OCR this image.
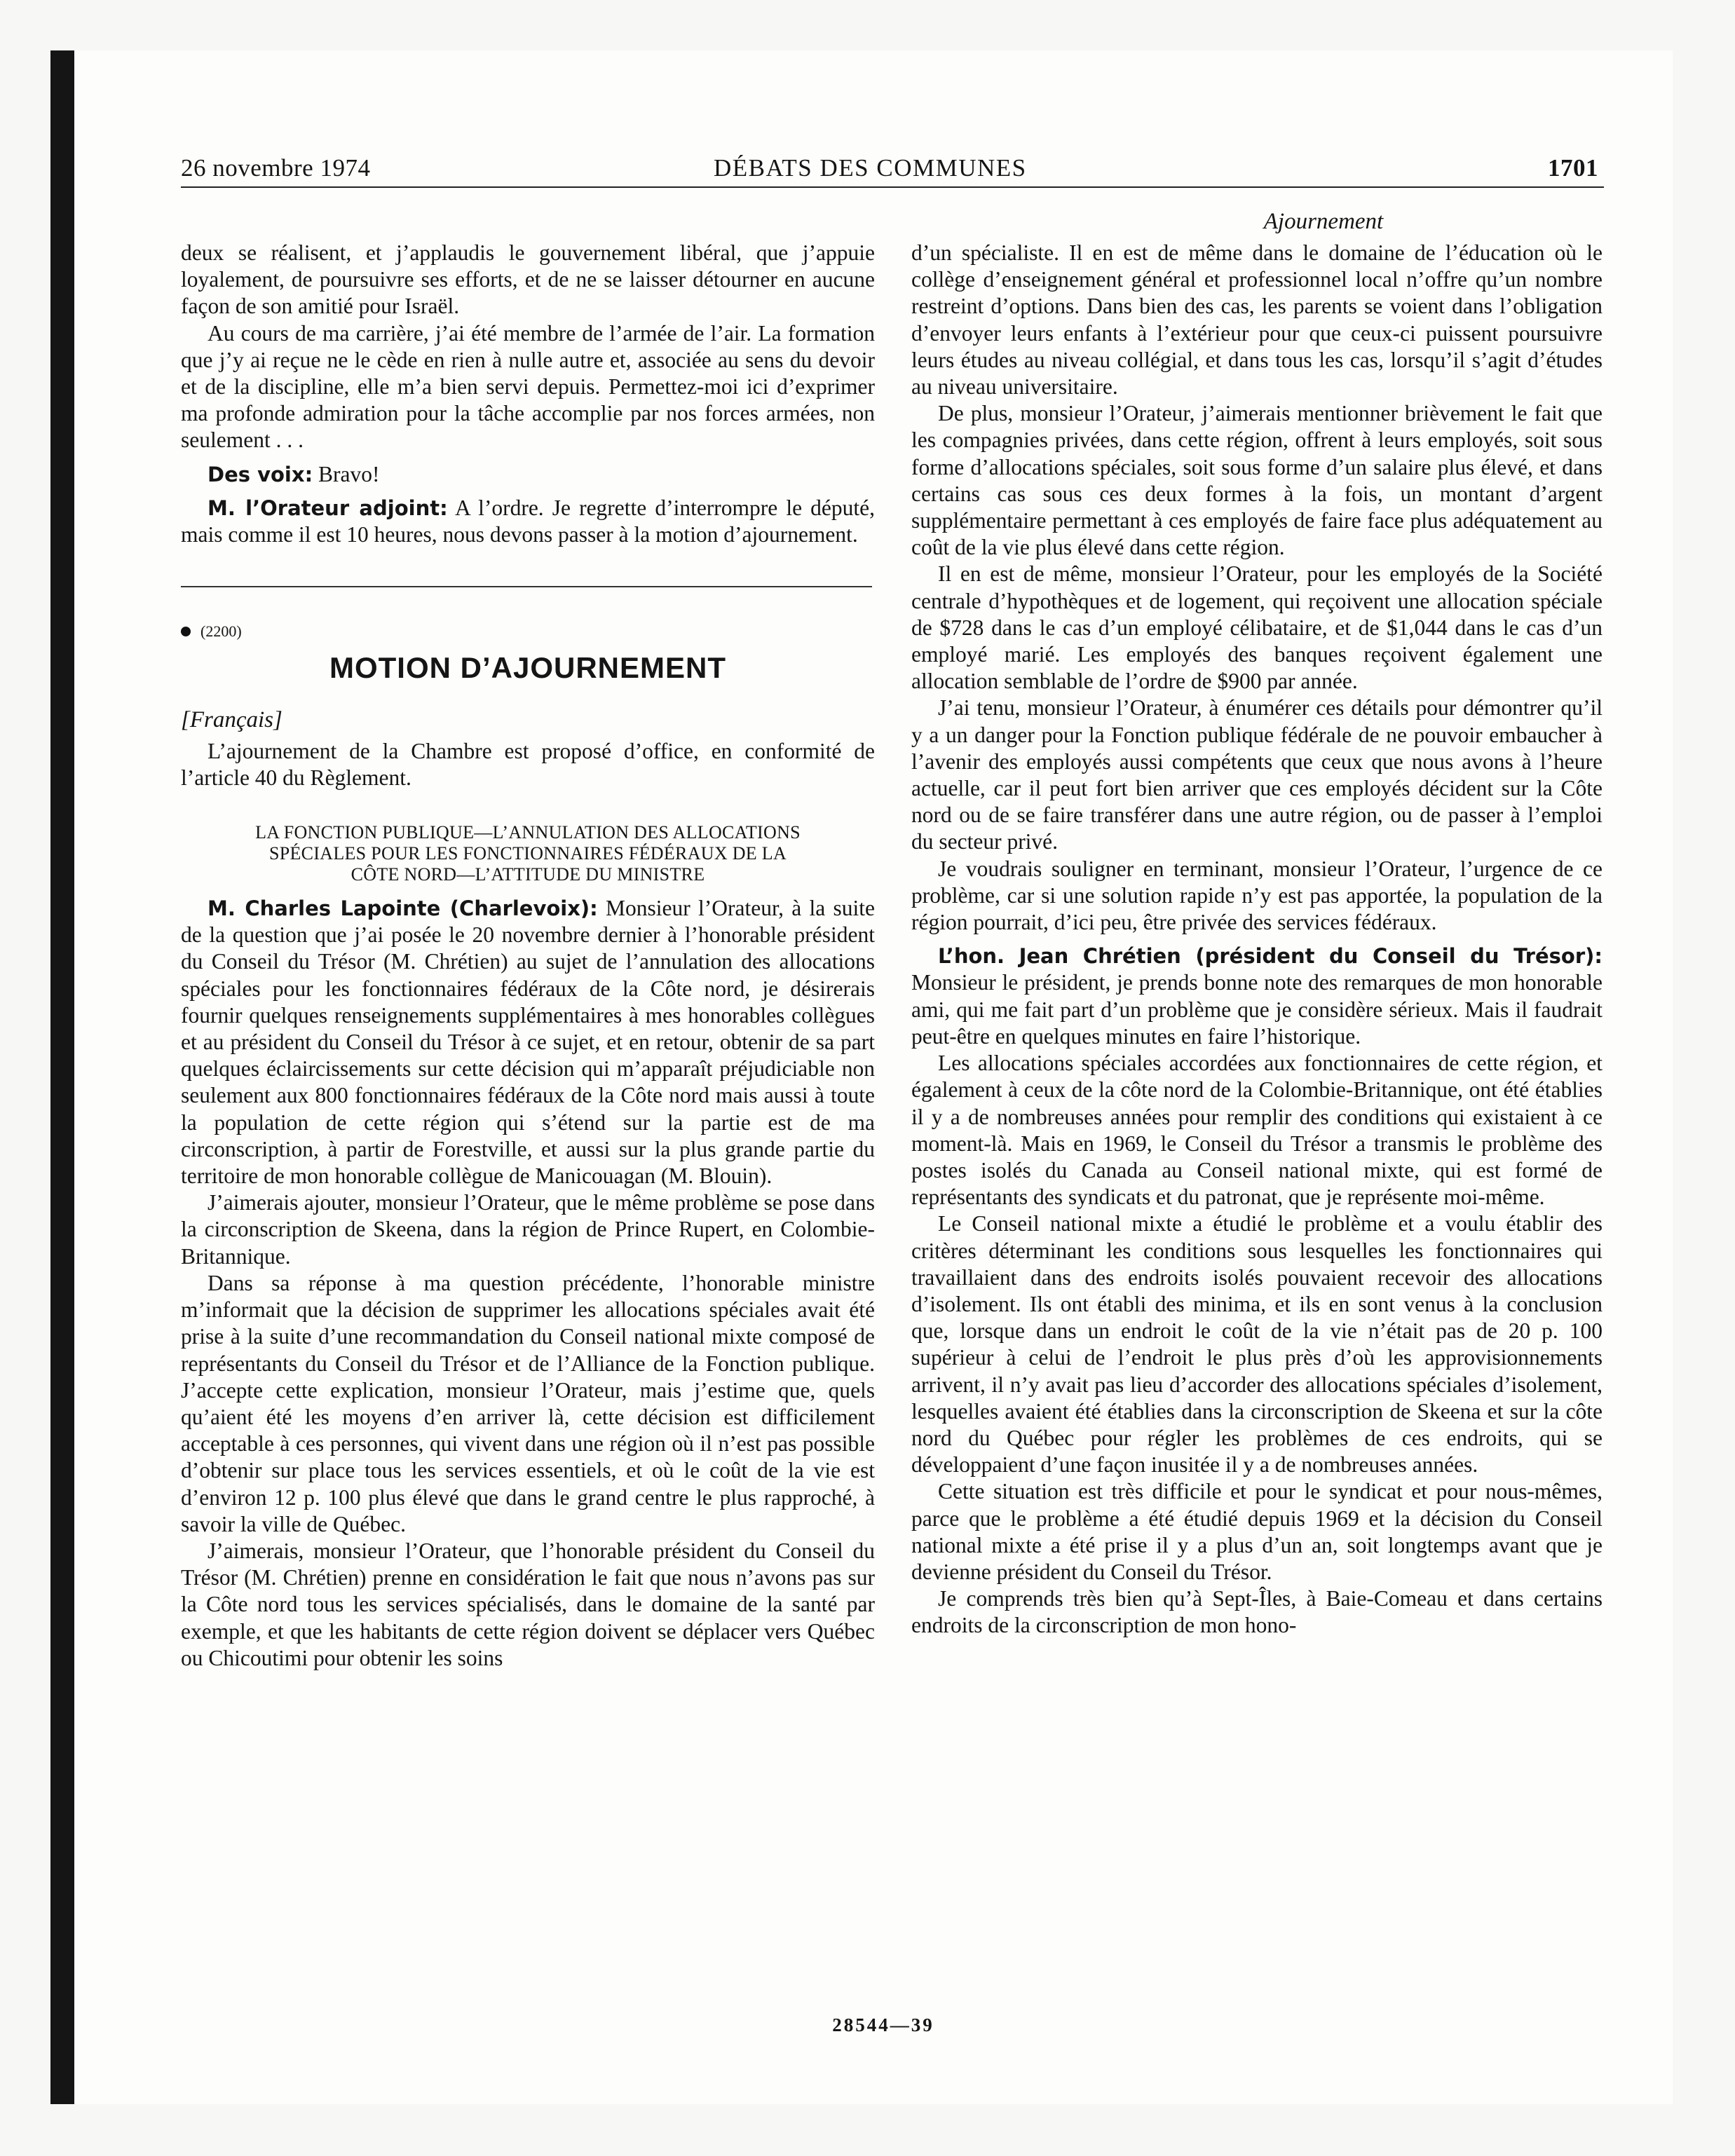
26 novembre 1974	DÉBATS DES COMMUNES	1701
Ajournement

deux se réalisent, et j’applaudis le gouvernement libéral, que j’appuie loyalement, de poursuivre ses efforts, et de ne se laisser détourner en aucune façon de son amitié pour Israël.

Au cours de ma carrière, j’ai été membre de l’armée de l’air. La formation que j’y ai reçue ne le cède en rien à nulle autre et, associée au sens du devoir et de la discipline, elle m’a bien servi depuis. Permettez-moi ici d’exprimer ma profonde admiration pour la tâche accomplie par nos forces armées, non seulement . . .

Des voix: Bravo!

M. l’Orateur adjoint: A l’ordre. Je regrette d’interrompre le député, mais comme il est 10 heures, nous devons passer à la motion d’ajournement.

(2200)
MOTION D’AJOURNEMENT
[Français]

L’ajournement de la Chambre est proposé d’office, en conformité de l’article 40 du Règlement.

LA FONCTION PUBLIQUE—L’ANNULATION DES ALLOCATIONS
SPÉCIALES POUR LES FONCTIONNAIRES FÉDÉRAUX DE LA
CÔTE NORD—L’ATTITUDE DU MINISTRE

M. Charles Lapointe (Charlevoix): Monsieur l’Orateur, à la suite de la question que j’ai posée le 20 novembre dernier à l’honorable président du Conseil du Trésor (M. Chrétien) au sujet de l’annulation des allocations spéciales pour les fonctionnaires fédéraux de la Côte nord, je désirerais fournir quelques renseignements supplémentaires à mes honorables collègues et au président du Conseil du Trésor à ce sujet, et en retour, obtenir de sa part quelques éclaircissements sur cette décision qui m’apparaît préjudiciable non seulement aux 800 fonctionnaires fédéraux de la Côte nord mais aussi à toute la population de cette région qui s’étend sur la partie est de ma circonscription, à partir de Forestville, et aussi sur la plus grande partie du territoire de mon honorable collègue de Manicouagan (M. Blouin).

J’aimerais ajouter, monsieur l’Orateur, que le même problème se pose dans la circonscription de Skeena, dans la région de Prince Rupert, en Colombie-Britannique.

Dans sa réponse à ma question précédente, l’honorable ministre m’informait que la décision de supprimer les allocations spéciales avait été prise à la suite d’une recommandation du Conseil national mixte composé de représentants du Conseil du Trésor et de l’Alliance de la Fonction publique. J’accepte cette explication, monsieur l’Orateur, mais j’estime que, quels qu’aient été les moyens d’en arriver là, cette décision est difficilement acceptable à ces personnes, qui vivent dans une région où il n’est pas possible d’obtenir sur place tous les services essentiels, et où le coût de la vie est d’environ 12 p. 100 plus élevé que dans le grand centre le plus rapproché, à savoir la ville de Québec.

J’aimerais, monsieur l’Orateur, que l’honorable président du Conseil du Trésor (M. Chrétien) prenne en considération le fait que nous n’avons pas sur la Côte nord tous les services spécialisés, dans le domaine de la santé par exemple, et que les habitants de cette région doivent se déplacer vers Québec ou Chicoutimi pour obtenir les soins

d’un spécialiste. Il en est de même dans le domaine de l’éducation où le collège d’enseignement général et professionnel local n’offre qu’un nombre restreint d’options. Dans bien des cas, les parents se voient dans l’obligation d’envoyer leurs enfants à l’extérieur pour que ceux-ci puissent poursuivre leurs études au niveau collégial, et dans tous les cas, lorsqu’il s’agit d’études au niveau universitaire.

De plus, monsieur l’Orateur, j’aimerais mentionner brièvement le fait que les compagnies privées, dans cette région, offrent à leurs employés, soit sous forme d’allocations spéciales, soit sous forme d’un salaire plus élevé, et dans certains cas sous ces deux formes à la fois, un montant d’argent supplémentaire permettant à ces employés de faire face plus adéquatement au coût de la vie plus élevé dans cette région.

Il en est de même, monsieur l’Orateur, pour les employés de la Société centrale d’hypothèques et de logement, qui reçoivent une allocation spéciale de $728 dans le cas d’un employé célibataire, et de $1,044 dans le cas d’un employé marié. Les employés des banques reçoivent également une allocation semblable de l’ordre de $900 par année.

J’ai tenu, monsieur l’Orateur, à énumérer ces détails pour démontrer qu’il y a un danger pour la Fonction publique fédérale de ne pouvoir embaucher à l’avenir des employés aussi compétents que ceux que nous avons à l’heure actuelle, car il peut fort bien arriver que ces employés décident sur la Côte nord ou de se faire transférer dans une autre région, ou de passer à l’emploi du secteur privé.

Je voudrais souligner en terminant, monsieur l’Orateur, l’urgence de ce problème, car si une solution rapide n’y est pas apportée, la population de la région pourrait, d’ici peu, être privée des services fédéraux.

L’hon. Jean Chrétien (président du Conseil du Trésor): Monsieur le président, je prends bonne note des remarques de mon honorable ami, qui me fait part d’un problème que je considère sérieux. Mais il faudrait peut-être en quelques minutes en faire l’historique.

Les allocations spéciales accordées aux fonctionnaires de cette région, et également à ceux de la côte nord de la Colombie-Britannique, ont été établies il y a de nombreuses années pour remplir des conditions qui existaient à ce moment-là. Mais en 1969, le Conseil du Trésor a transmis le problème des postes isolés du Canada au Conseil national mixte, qui est formé de représentants des syndicats et du patronat, que je représente moi-même.

Le Conseil national mixte a étudié le problème et a voulu établir des critères déterminant les conditions sous lesquelles les fonctionnaires qui travaillaient dans des endroits isolés pouvaient recevoir des allocations d’isolement. Ils ont établi des minima, et ils en sont venus à la conclusion que, lorsque dans un endroit le coût de la vie n’était pas de 20 p. 100 supérieur à celui de l’endroit le plus près d’où les approvisionnements arrivent, il n’y avait pas lieu d’accorder des allocations spéciales d’isolement, lesquelles avaient été établies dans la circonscription de Skeena et sur la côte nord du Québec pour régler les problèmes de ces endroits, qui se développaient d’une façon inusitée il y a de nombreuses années.

Cette situation est très difficile et pour le syndicat et pour nous-mêmes, parce que le problème a été étudié depuis 1969 et la décision du Conseil national mixte a été prise il y a plus d’un an, soit longtemps avant que je devienne président du Conseil du Trésor.

Je comprends très bien qu’à Sept-Îles, à Baie-Comeau et dans certains endroits de la circonscription de mon hono-

28544—39
